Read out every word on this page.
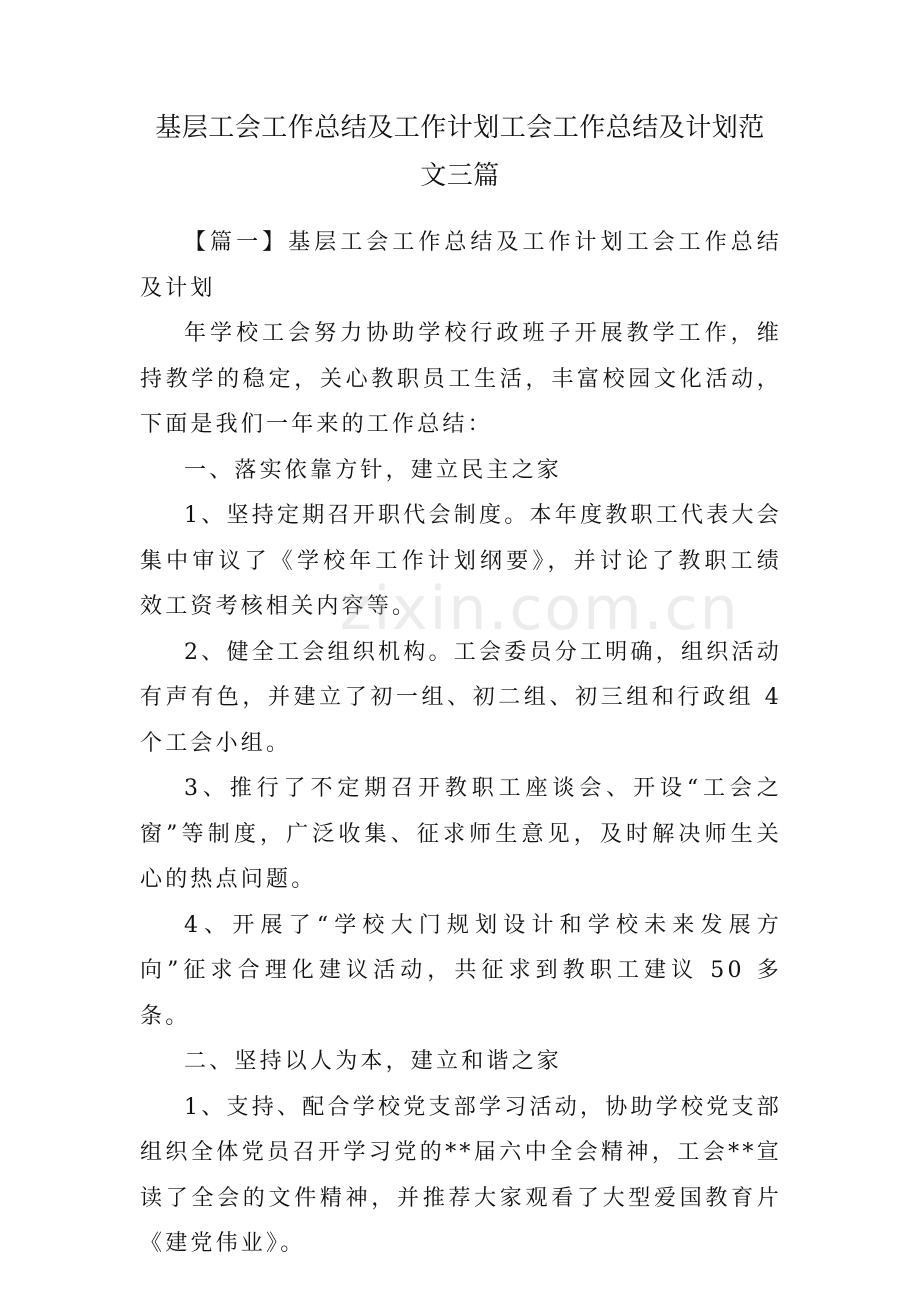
基层工会工作总结及工作计划工会工作总结及计划范
文三篇

【篇一】基层工会工作总结及工作计划工会工作总结及计划

年学校工会努力协助学校行政班子开展教学工作，维持教学的稳定，关心教职员工生活，丰富校园文化活动，下面是我们一年来的工作总结：

一、落实依靠方针，建立民主之家

1、坚持定期召开职代会制度。本年度教职工代表大会集中审议了《学校年工作计划纲要》，并讨论了教职工绩效工资考核相关内容等。

2、健全工会组织机构。工会委员分工明确，组织活动有声有色，并建立了初一组、初二组、初三组和行政组 4 个工会小组。

3、推行了不定期召开教职工座谈会、开设“工会之窗”等制度，广泛收集、征求师生意见，及时解决师生关心的热点问题。

4、开展了“学校大门规划设计和学校未来发展方向”征求合理化建议活动，共征求到教职工建议 50 多条。

二、坚持以人为本，建立和谐之家

1、支持、配合学校党支部学习活动，协助学校党支部组织全体党员召开学习党的**届六中全会精神，工会**宣读了全会的文件精神，并推荐大家观看了大型爱国教育片《建党伟业》。

zixin.com.cn
